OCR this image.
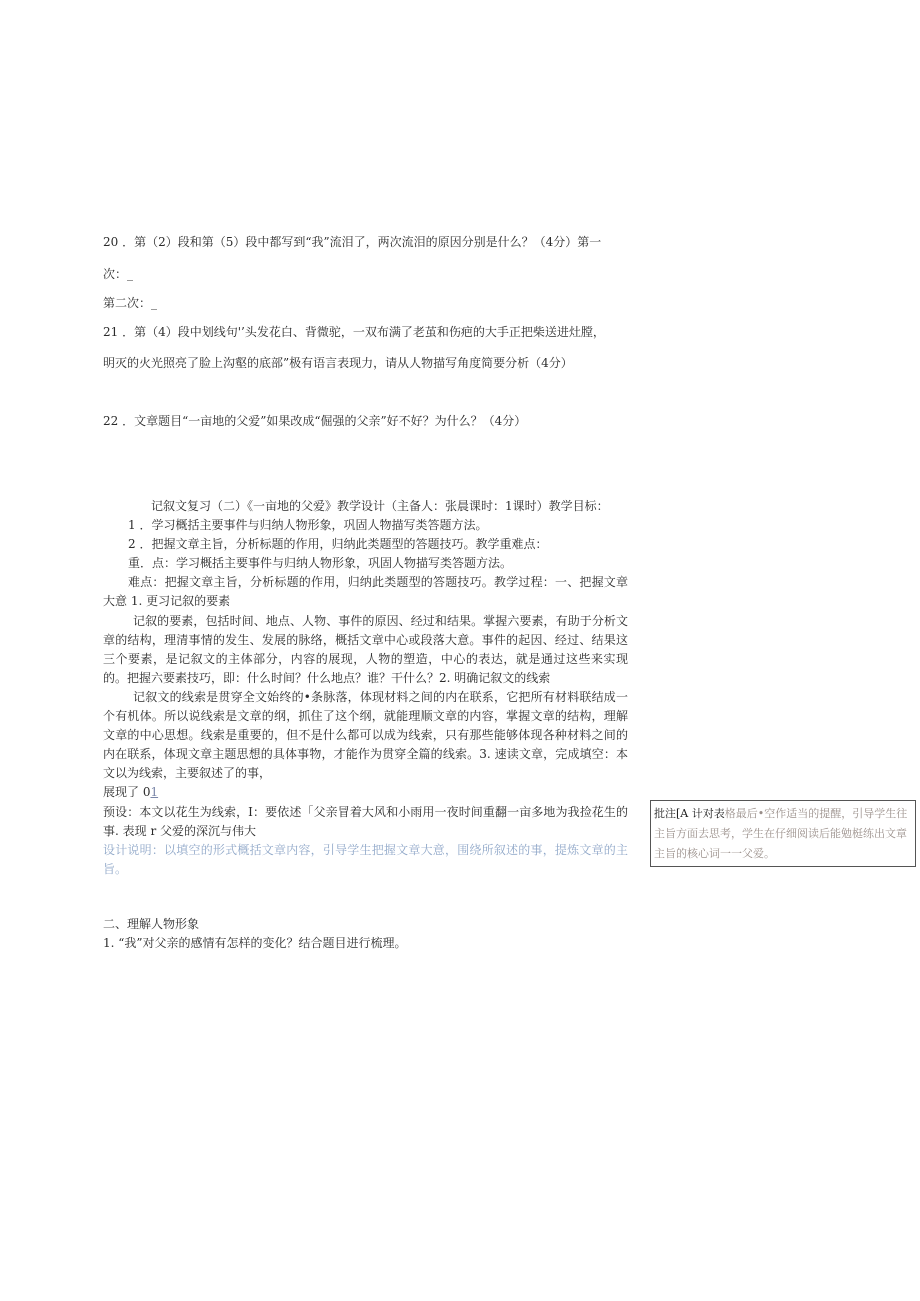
20 ．第（2）段和第（5）段中都写到“我”流泪了，两次流泪的原因分别是什么？（4分）第一
次：_
第二次：_
21 ．第（4）段中划线句'’头发花白、背微驼，一双布满了老茧和伤疤的大手正把柴送进灶膛，
明灭的火光照亮了脸上沟壑的底部”极有语言表现力，请从人物描写角度简要分析（4分）
22 ．文章题目“一亩地的父爱”如果改成“倔强的父亲”好不好？为什么？（4分）

记叙文复习（二）《一亩地的父爱》教学设计（主备人：张晨课时：1课时）教学目标：

1 ．学习概括主要事件与归纳人物形象，巩固人物描写类答题方法。

2 ．把握文章主旨，分析标题的作用，归纳此类题型的答题技巧。教学重难点：

重．点：学习概括主要事件与归纳人物形象，巩固人物描写类答题方法。

难点：把握文章主旨，分析标题的作用，归纳此类题型的答题技巧。教学过程：一、把握文章大意 1. 更习记叙的要素

记叙的要素，包括时间、地点、人物、事件的原因、经过和结果。掌握六要素，有助于分析文章的结构，理清事情的发生、发展的脉络，概括文章中心或段落大意。事件的起因、经过、结果这三个要素，是记叙文的主体部分，内容的展现，人物的塑造，中心的表达，就是通过这些来实现的。把握六要素技巧，即：什么时间？什么地点？谁？干什么？2. 明确记叙文的线索

记叙文的线索是贯穿全文始终的•条脉落，体现材料之间的内在联系，它把所有材料联结成一个有机体。所以说线索是文章的纲，抓住了这个纲，就能理顺文章的内容，掌握文章的结构，理解文章的中心思想。线索是重要的，但不是什么都可以成为线索，只有那些能够体现各种材料之间的内在联系，体现文章主题思想的具体事物，才能作为贯穿全篇的线索。3. 速读文章，完成填空：本文以为线索，主要叙述了的事，

展现了 01

预设：本文以花生为线索，I：要依述「父亲冒着大风和小雨用一夜时间重翻一亩多地为我捡花生的事. 表现 r 父爱的深沉与伟大

设计说明：以填空的形式概括文章内容，引导学生把握文章大意，围绕所叙述的事，提炼文章的主旨。

二、理解人物形象

1. “我”对父亲的感情有怎样的变化？结合题目进行梳理。

批注[A 计对表格最后•空作适当的提醒，引导学生往主旨方面去思考，学生在仔细阅读后能勉梃练出文章主旨的核心词一一父爱。
